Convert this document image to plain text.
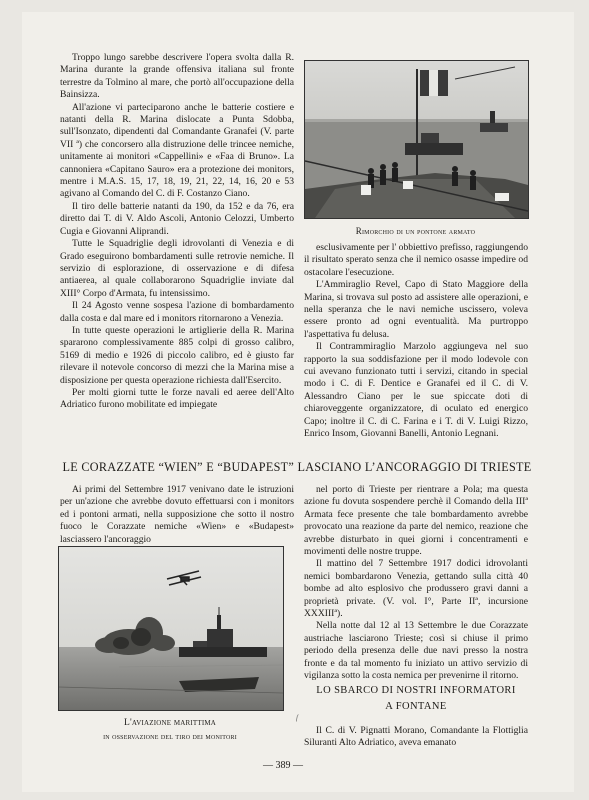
Troppo lungo sarebbe descrivere l'opera svolta dalla R. Marina durante la grande offensiva italiana sul fronte terrestre da Tolmino al mare, che portò all'occupazione della Bainsizza.

All'azione vi parteciparono anche le batterie costiere e natanti della R. Marina dislocate a Punta Sdobba, sull'Isonzato, dipendenti dal Comandante Granafei (V. parte VII ª) che concorsero alla distruzione delle trincee nemiche, unitamente ai monitori «Cappellini» e «Faa di Bruno». La cannoniera «Capitano Sauro» era a protezione dei monitors, mentre i M.A.S. 15, 17, 18, 19, 21, 22, 14, 16, 20 e 53 agivano al Comando del C. di F. Costanzo Ciano.

Il tiro delle batterie natanti da 190, da 152 e da 76, era diretto dai T. di V. Aldo Ascoli, Antonio Celozzi, Umberto Cugia e Giovanni Aliprandi.

Tutte le Squadriglie degli idrovolanti di Venezia e di Grado eseguirono bombardamenti sulle retrovie nemiche. Il servizio di esplorazione, di osservazione e di difesa antiaerea, al quale collaborarono Squadriglie inviate dal XIII° Corpo d'Armata, fu intensissimo.

Il 24 Agosto venne sospesa l'azione di bombardamento dalla costa e dal mare ed i monitors ritornarono a Venezia.

In tutte queste operazioni le artiglierie della R. Marina spararono complessivamente 885 colpi di grosso calibro, 5169 di medio e 1926 di piccolo calibro, ed è giusto far rilevare il notevole concorso di mezzi che la Marina mise a disposizione per questa operazione richiesta dall'Esercito.

Per molti giorni tutte le forze navali ed aeree dell'Alto Adriatico furono mobilitate ed impiegate

Rimorchio di un pontone armato

esclusivamente per l' obbiettivo prefisso, raggiungendo il risultato sperato senza che il nemico osasse impedire od ostacolare l'esecuzione.

L'Ammiraglio Revel, Capo di Stato Maggiore della Marina, si trovava sul posto ad assistere alle operazioni, e nella speranza che le navi nemiche uscissero, voleva essere pronto ad ogni eventualità. Ma purtroppo l'aspettativa fu delusa.

Il Contrammiraglio Marzolo aggiungeva nel suo rapporto la sua soddisfazione per il modo lodevole con cui avevano funzionato tutti i servizi, citando in special modo i C. di F. Dentice e Granafei ed il C. di V. Alessandro Ciano per le sue spiccate doti di chiaroveggente organizzatore, di oculato ed energico Capo; inoltre il C. di C. Farina e i T. di V. Luigi Rizzo, Enrico Insom, Giovanni Banelli, Antonio Legnani.

LE CORAZZATE “WIEN” E “BUDAPEST” LASCIANO L’ANCORAGGIO DI TRIESTE

Ai primi del Settembre 1917 venivano date le istruzioni per un'azione che avrebbe dovuto effettuarsi con i monitors ed i pontoni armati, nella supposizione che sotto il nostro fuoco le Corazzate nemiche «Wien» e «Budapest» lasciassero l'ancoraggio

L'aviazione marittima
in osservazione del tiro dei monitori

nel porto di Trieste per rientrare a Pola; ma questa azione fu dovuta sospendere perchè il Comando della IIIª Armata fece presente che tale bombardamento avrebbe provocato una reazione da parte del nemico, reazione che avrebbe disturbato in quei giorni i concentramenti e movimenti delle nostre truppe.

Il mattino del 7 Settembre 1917 dodici idrovolanti nemici bombardarono Venezia, gettando sulla città 40 bombe ad alto esplosivo che produssero gravi danni a proprietà private. (V. vol. I°, Parte IIª, incursione XXXIIIª).

Nella notte dal 12 al 13 Settembre le due Corazzate austriache lasciarono Trieste; così si chiuse il primo periodo della presenza delle due navi presso la nostra fronte e da tal momento fu iniziato un attivo servizio di vigilanza sotto la costa nemica per prevenirne il ritorno.

LO SBARCO DI NOSTRI INFORMATORI
A FONTANE
ſ

Il C. di V. Pignatti Morano, Comandante la Flottiglia Siluranti Alto Adriatico, aveva emanato

— 389 —
